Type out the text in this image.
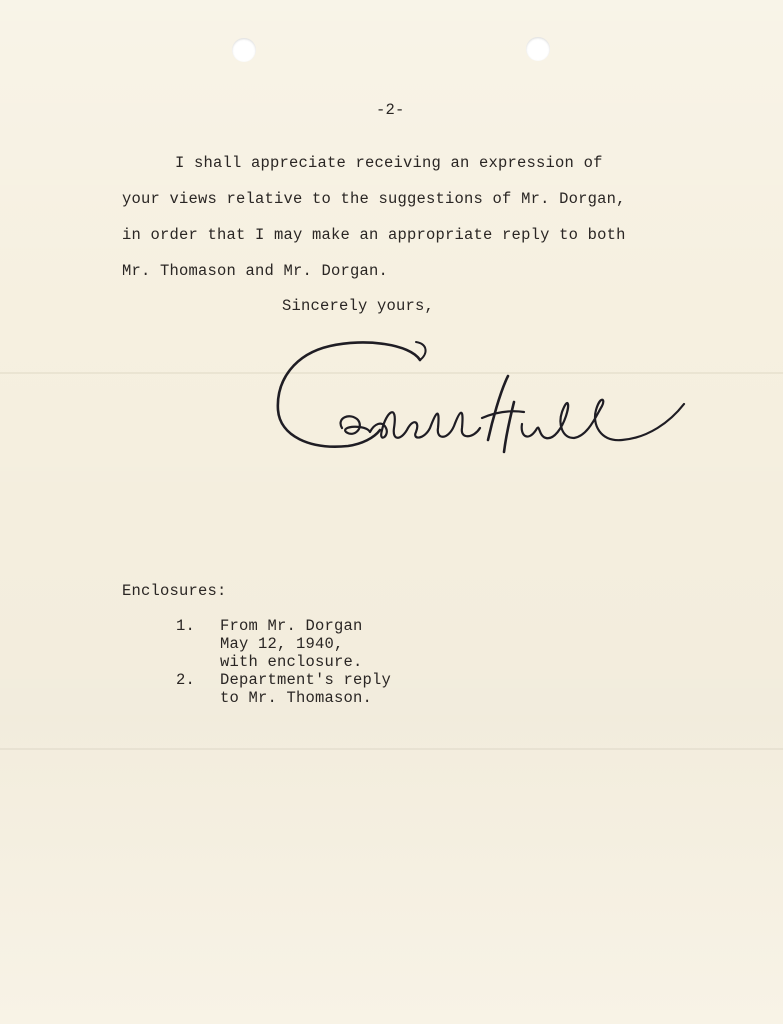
-2-
I shall appreciate receiving an expression of
your views relative to the suggestions of Mr. Dorgan,
in order that I may make an appropriate reply to both
Mr. Thomason and Mr. Dorgan.
Sincerely yours,
Enclosures:
1. From Mr. Dorgan
May 12, 1940,
with enclosure.
2. Department's reply
to Mr. Thomason.
